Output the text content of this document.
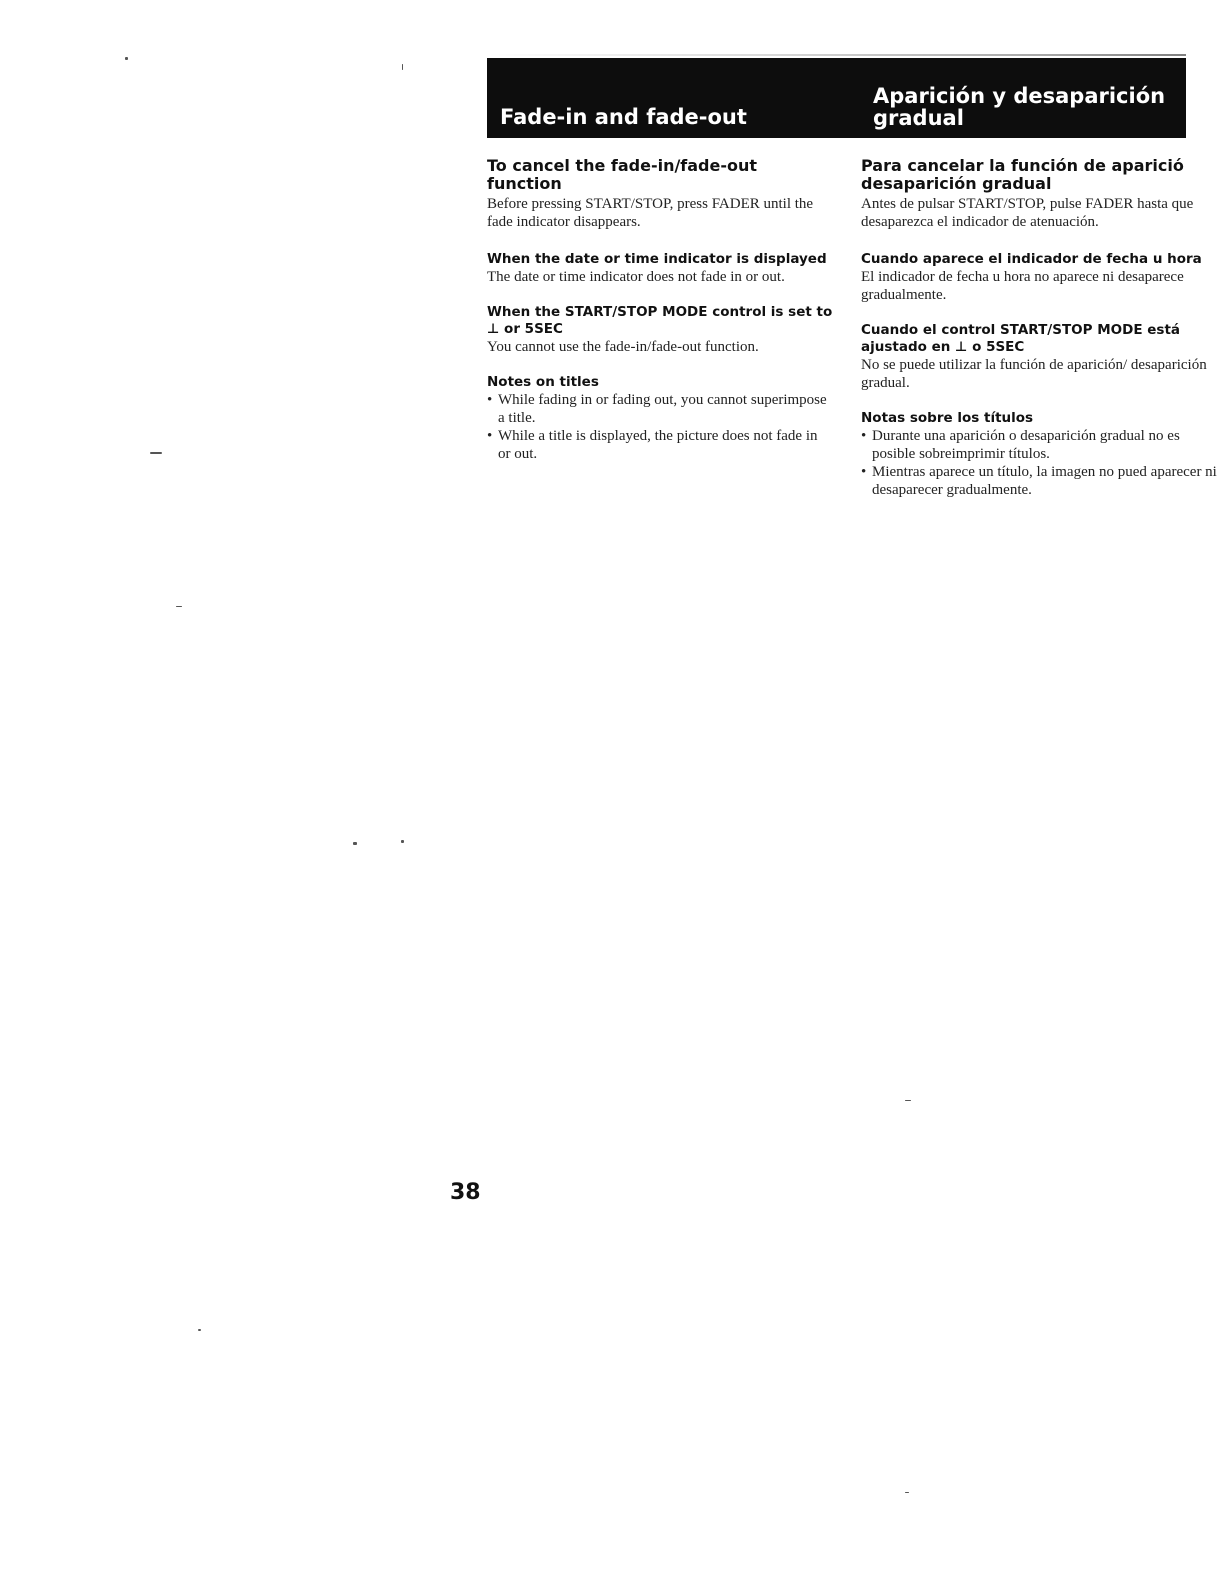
Fade-in and fade-out
Aparición y desaparición gradual
To cancel the fade-in/fade-out function

Before pressing START/STOP, press FADER until the fade indicator disappears.

When the date or time indicator is displayed

The date or time indicator does not fade in or out.

When the START/STOP MODE control is set to ⊥ or 5SEC

You cannot use the fade-in/fade-out function.

Notes on titles
• While fading in or fading out, you cannot superimpose a title.
• While a title is displayed, the picture does not fade in or out.
Para cancelar la función de apariciό desaparición gradual

Antes de pulsar START/STOP, pulse FADER hasta que desaparezca el indicador de atenuación.

Cuando aparece el indicador de fecha u hora

El indicador de fecha u hora no aparece ni desaparece gradualmente.

Cuando el control START/STOP MODE está ajustado en ⊥ o 5SEC

No se puede utilizar la función de aparición/ desaparición gradual.

Notas sobre los títulos
• Durante una aparición o desaparición gradual no es posible sobreimprimir títulos.
• Mientras aparece un título, la imagen no pued aparecer ni desaparecer gradualmente.
38
